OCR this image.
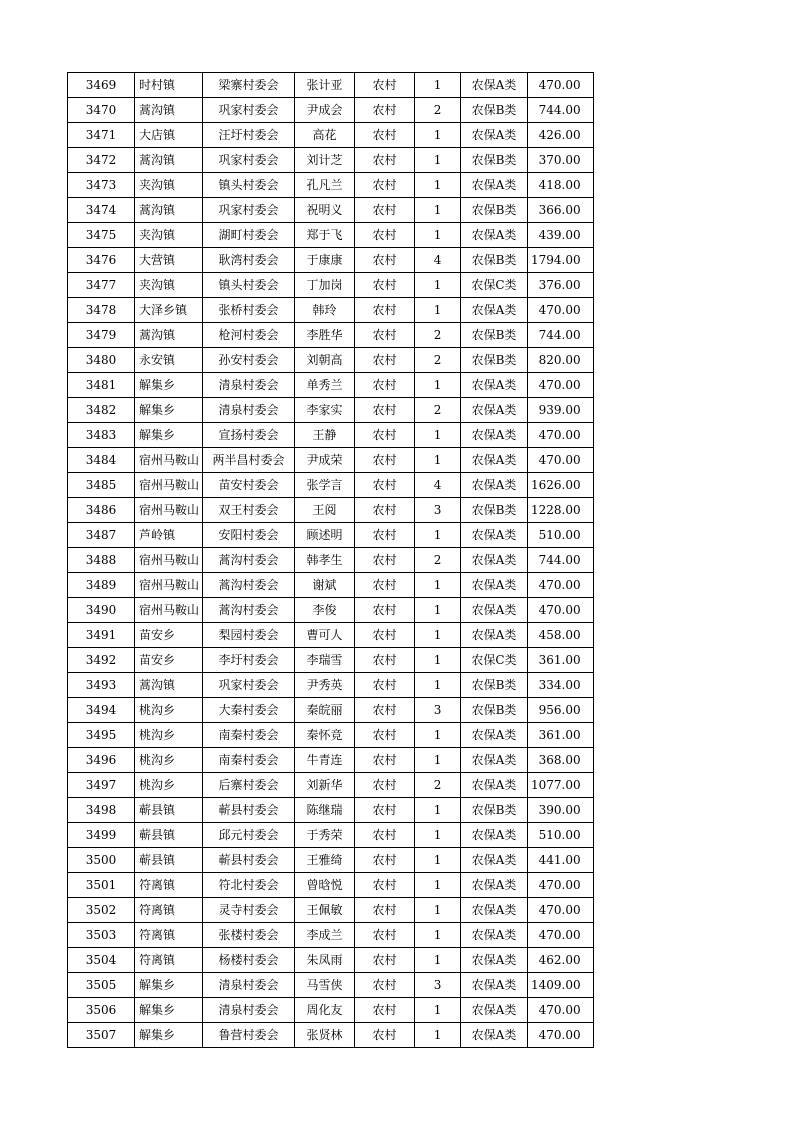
3469	时村镇	梁寨村委会	张计亚	农村	1	农保A类	470.00
3470	蒿沟镇	巩家村委会	尹成会	农村	2	农保B类	744.00
3471	大店镇	汪圩村委会	高花	农村	1	农保A类	426.00
3472	蒿沟镇	巩家村委会	刘计芝	农村	1	农保B类	370.00
3473	夹沟镇	镇头村委会	孔凡兰	农村	1	农保A类	418.00
3474	蒿沟镇	巩家村委会	祝明义	农村	1	农保B类	366.00
3475	夹沟镇	湖町村委会	郑于飞	农村	1	农保A类	439.00
3476	大营镇	耿湾村委会	于康康	农村	4	农保B类	1794.00
3477	夹沟镇	镇头村委会	丁加岗	农村	1	农保C类	376.00
3478	大泽乡镇	张桥村委会	韩玲	农村	1	农保A类	470.00
3479	蒿沟镇	枪河村委会	李胜华	农村	2	农保B类	744.00
3480	永安镇	孙安村委会	刘朝高	农村	2	农保B类	820.00
3481	解集乡	清泉村委会	单秀兰	农村	1	农保A类	470.00
3482	解集乡	清泉村委会	李家实	农村	2	农保A类	939.00
3483	解集乡	宣扬村委会	王静	农村	1	农保A类	470.00
3484	宿州马鞍山	两半昌村委会	尹成荣	农村	1	农保A类	470.00
3485	宿州马鞍山	苗安村委会	张学言	农村	4	农保A类	1626.00
3486	宿州马鞍山	双王村委会	王阅	农村	3	农保B类	1228.00
3487	芦岭镇	安阳村委会	顾述明	农村	1	农保A类	510.00
3488	宿州马鞍山	蒿沟村委会	韩孝生	农村	2	农保A类	744.00
3489	宿州马鞍山	蒿沟村委会	谢斌	农村	1	农保A类	470.00
3490	宿州马鞍山	蒿沟村委会	李俊	农村	1	农保A类	470.00
3491	苗安乡	梨园村委会	曹可人	农村	1	农保A类	458.00
3492	苗安乡	李圩村委会	李瑞雪	农村	1	农保C类	361.00
3493	蒿沟镇	巩家村委会	尹秀英	农村	1	农保B类	334.00
3494	桃沟乡	大秦村委会	秦皖丽	农村	3	农保B类	956.00
3495	桃沟乡	南秦村委会	秦怀竞	农村	1	农保A类	361.00
3496	桃沟乡	南秦村委会	牛青连	农村	1	农保A类	368.00
3497	桃沟乡	后寨村委会	刘新华	农村	2	农保A类	1077.00
3498	蕲县镇	蕲县村委会	陈继瑞	农村	1	农保B类	390.00
3499	蕲县镇	邱元村委会	于秀荣	农村	1	农保A类	510.00
3500	蕲县镇	蕲县村委会	王雅绮	农村	1	农保A类	441.00
3501	符离镇	符北村委会	曾晗悦	农村	1	农保A类	470.00
3502	符离镇	灵寺村委会	王佩敏	农村	1	农保A类	470.00
3503	符离镇	张楼村委会	李成兰	农村	1	农保A类	470.00
3504	符离镇	杨楼村委会	朱凤雨	农村	1	农保A类	462.00
3505	解集乡	清泉村委会	马雪侠	农村	3	农保A类	1409.00
3506	解集乡	清泉村委会	周化友	农村	1	农保A类	470.00
3507	解集乡	鲁营村委会	张贤林	农村	1	农保A类	470.00
